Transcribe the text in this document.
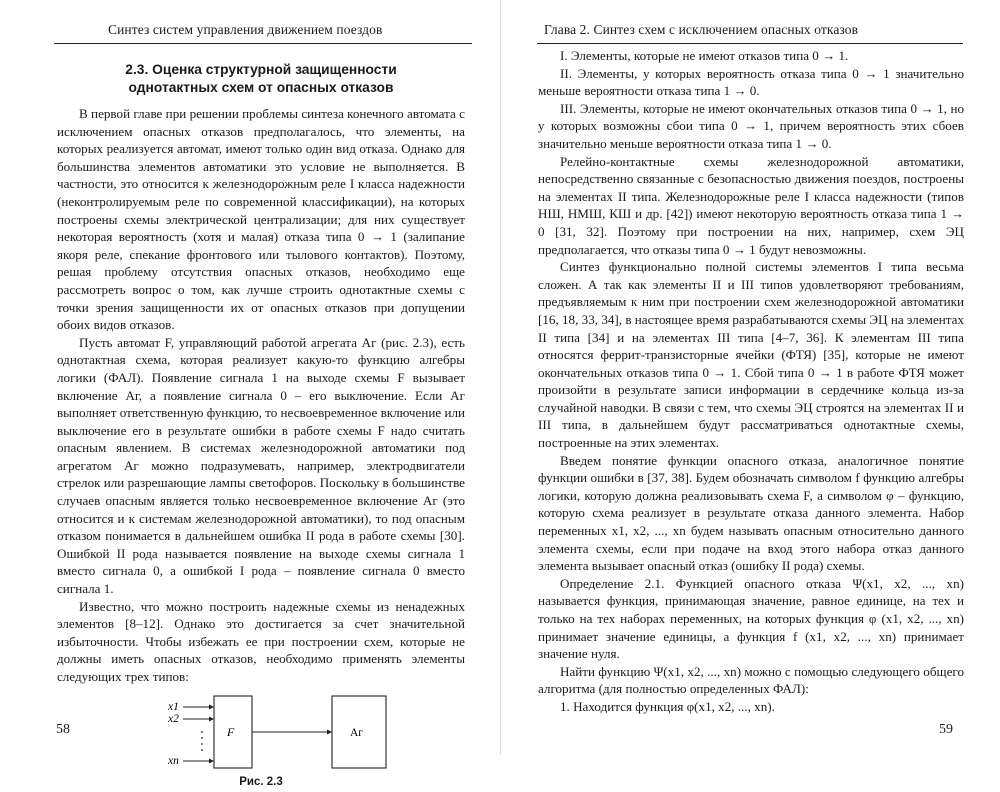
Синтез систем управления движением поездов
2.3. Оценка структурной защищенности
однотактных схем от опасных отказов

В первой главе при решении проблемы синтеза конечного автомата с исключением опасных отказов предполагалось, что элементы, на которых реализуется автомат, имеют только один вид отказа. Однако для большинства элементов автоматики это условие не выполняется. В частности, это относится к железнодорожным реле I класса надежности (неконтролируемым реле по современной классификации), на которых построены схемы электрической централизации; для них существует некоторая вероятность (хотя и малая) отказа типа 0 → 1 (залипание якоря реле, спекание фронтового или тылового контактов). Поэтому, решая проблему отсутствия опасных отказов, необходимо еще рассмотреть вопрос о том, как лучше строить однотактные схемы с точки зрения защищенности их от опасных отказов при допущении обоих видов отказов.

Пусть автомат F, управляющий работой агрегата Аг (рис. 2.3), есть однотактная схема, которая реализует какую-то функцию алгебры логики (ФАЛ). Появление сигнала 1 на выходе схемы F вызывает включение Аг, а появление сигнала 0 – его выключение. Если Аг выполняет ответственную функцию, то несвоевременное включение или выключение его в результате ошибки в работе схемы F надо считать опасным явлением. В системах железнодорожной автоматики под агрегатом Аг можно подразумевать, например, электродвигатели стрелок или разрешающие лампы светофоров. Поскольку в большинстве случаев опасным является только несвоевременное включение Аг (это относится и к системам железнодорожной автоматики), то под опасным отказом понимается в дальнейшем ошибка II рода в работе схемы [30]. Ошибкой II рода называется появление на выходе схемы сигнала 1 вместо сигнала 0, а ошибкой I рода – появление сигнала 0 вместо сигнала 1.

Известно, что можно построить надежные схемы из ненадежных элементов [8–12]. Однако это достигается за счет значительной избыточности. Чтобы избежать ее при построении схем, которые не должны иметь опасных отказов, необходимо применять элементы следующих трех типов:

x1
x2
xn
F	Аг
Рис. 2.3
58
Глава 2. Синтез схем с исключением опасных отказов

I. Элементы, которые не имеют отказов типа 0 → 1.

II. Элементы, у которых вероятность отказа типа 0 → 1 значительно меньше вероятности отказа типа 1 → 0.

III. Элементы, которые не имеют окончательных отказов типа 0 → 1, но у которых возможны сбои типа 0 → 1, причем вероятность этих сбоев значительно меньше вероятности отказа типа 1 → 0.

Релейно-контактные схемы железнодорожной автоматики, непосредственно связанные с безопасностью движения поездов, построены на элементах II типа. Железнодорожные реле I класса надежности (типов НШ, НМШ, КШ и др. [42]) имеют некоторую вероятность отказа типа 1 → 0 [31, 32]. Поэтому при построении на них, например, схем ЭЦ предполагается, что отказы типа 0 → 1 будут невозможны.

Синтез функционально полной системы элементов I типа весьма сложен. А так как элементы II и III типов удовлетворяют требованиям, предъявляемым к ним при построении схем железнодорожной автоматики [16, 18, 33, 34], в настоящее время разрабатываются схемы ЭЦ на элементах II типа [34] и на элементах III типа [4–7, 36]. К элементам III типа относятся феррит-транзисторные ячейки (ФТЯ) [35], которые не имеют окончательных отказов типа 0 → 1. Сбой типа 0 → 1 в работе ФТЯ может произойти в результате записи информации в сердечнике кольца из-за случайной наводки. В связи с тем, что схемы ЭЦ строятся на элементах II и III типа, в дальнейшем будут рассматриваться однотактные схемы, построенные на этих элементах.

Введем понятие функции опасного отказа, аналогичное понятие функции ошибки в [37, 38]. Будем обозначать символом f функцию алгебры логики, которую должна реализовывать схема F, а символом φ – функцию, которую схема реализует в результате отказа данного элемента. Набор переменных x1, x2, ..., xn будем называть опасным относительно данного элемента схемы, если при подаче на вход этого набора отказ данного элемента вызывает опасный отказ (ошибку II рода) схемы.

Определение 2.1. Функцией опасного отказа Ψ(x1, x2, ..., xn) называется функция, принимающая значение, равное единице, на тех и только на тех наборах переменных, на которых функция φ (x1, x2, ..., xn) принимает значение единицы, а функция f (x1, x2, ..., xn) принимает значение нуля.

Найти функцию Ψ(x1, x2, ..., xn) можно с помощью следующего общего алгоритма (для полностью определенных ФАЛ):

1. Находится функция φ(x1, x2, ..., xn).

59
